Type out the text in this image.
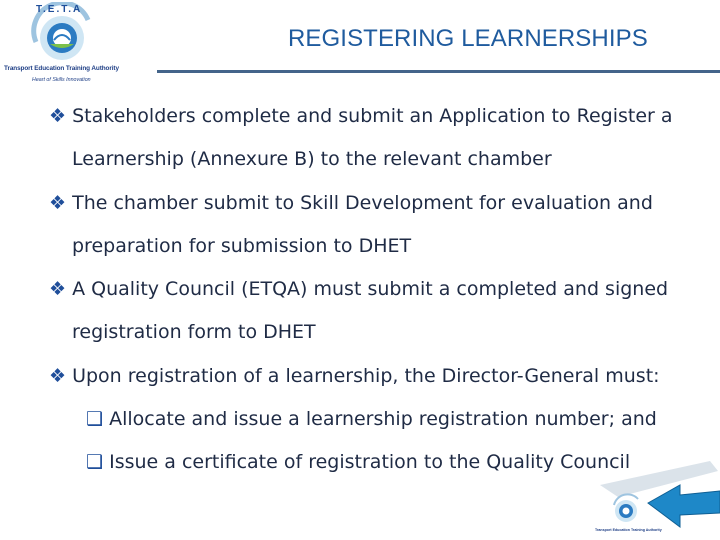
T.E.T.A
Transport Education Training Authority
Heart of Skills Innovation
REGISTERING LEARNERSHIPS
❖ Stakeholders complete and submit an Application to Register a
Learnership (Annexure B) to the relevant chamber
❖ The chamber submit to Skill Development for evaluation and
preparation for submission to DHET
❖ A Quality Council (ETQA) must submit a completed and signed
registration form to DHET
❖ Upon registration of a learnership, the Director-General must:
❑ Allocate and issue a learnership registration number; and
❑ Issue a certificate of registration to the Quality Council
Transport Education Training Authority
